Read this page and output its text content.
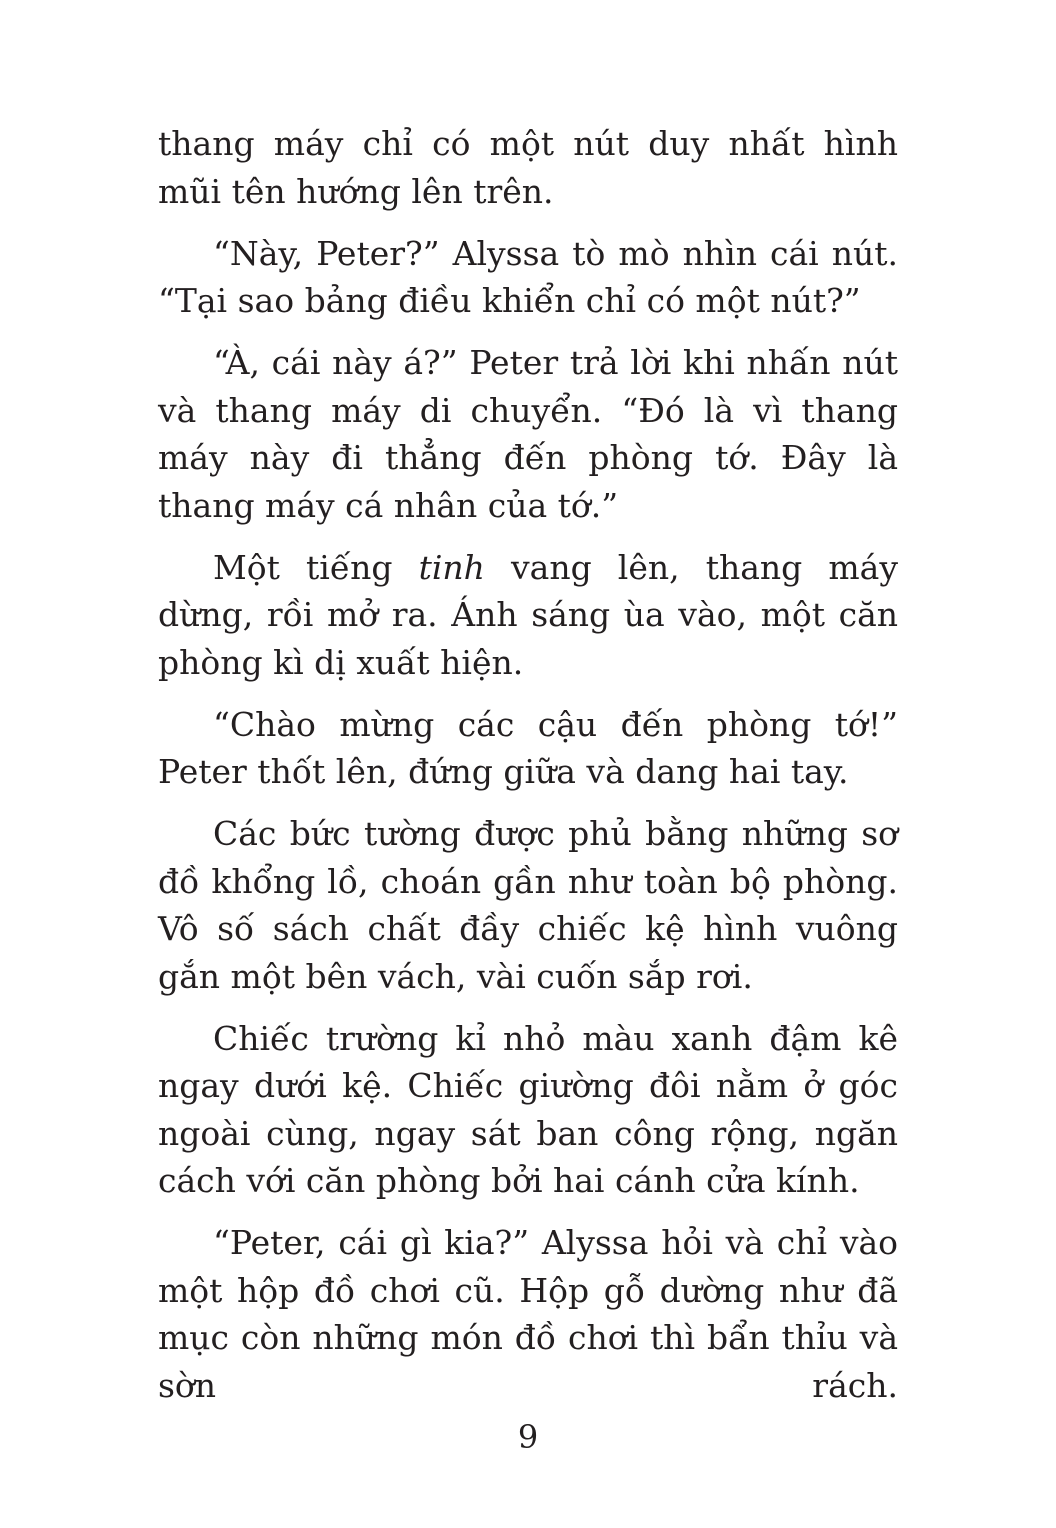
thang máy chỉ có một nút duy nhất hình mũi tên hướng lên trên.

“Này, Peter?” Alyssa tò mò nhìn cái nút. “Tại sao bảng điều khiển chỉ có một nút?”

“À, cái này á?” Peter trả lời khi nhấn nút và thang máy di chuyển. “Đó là vì thang máy này đi thẳng đến phòng tớ. Đây là thang máy cá nhân của tớ.”

Một tiếng tinh vang lên, thang máy dừng, rồi mở ra. Ánh sáng ùa vào, một căn phòng kì dị xuất hiện.

“Chào mừng các cậu đến phòng tớ!” Peter thốt lên, đứng giữa và dang hai tay.

Các bức tường được phủ bằng những sơ đồ khổng lồ, choán gần như toàn bộ phòng. Vô số sách chất đầy chiếc kệ hình vuông gắn một bên vách, vài cuốn sắp rơi.

Chiếc trường kỉ nhỏ màu xanh đậm kê ngay dưới kệ. Chiếc giường đôi nằm ở góc ngoài cùng, ngay sát ban công rộng, ngăn cách với căn phòng bởi hai cánh cửa kính.

“Peter, cái gì kia?” Alyssa hỏi và chỉ vào một hộp đồ chơi cũ. Hộp gỗ dường như đã mục còn những món đồ chơi thì bẩn thỉu và sờn rách.

9
